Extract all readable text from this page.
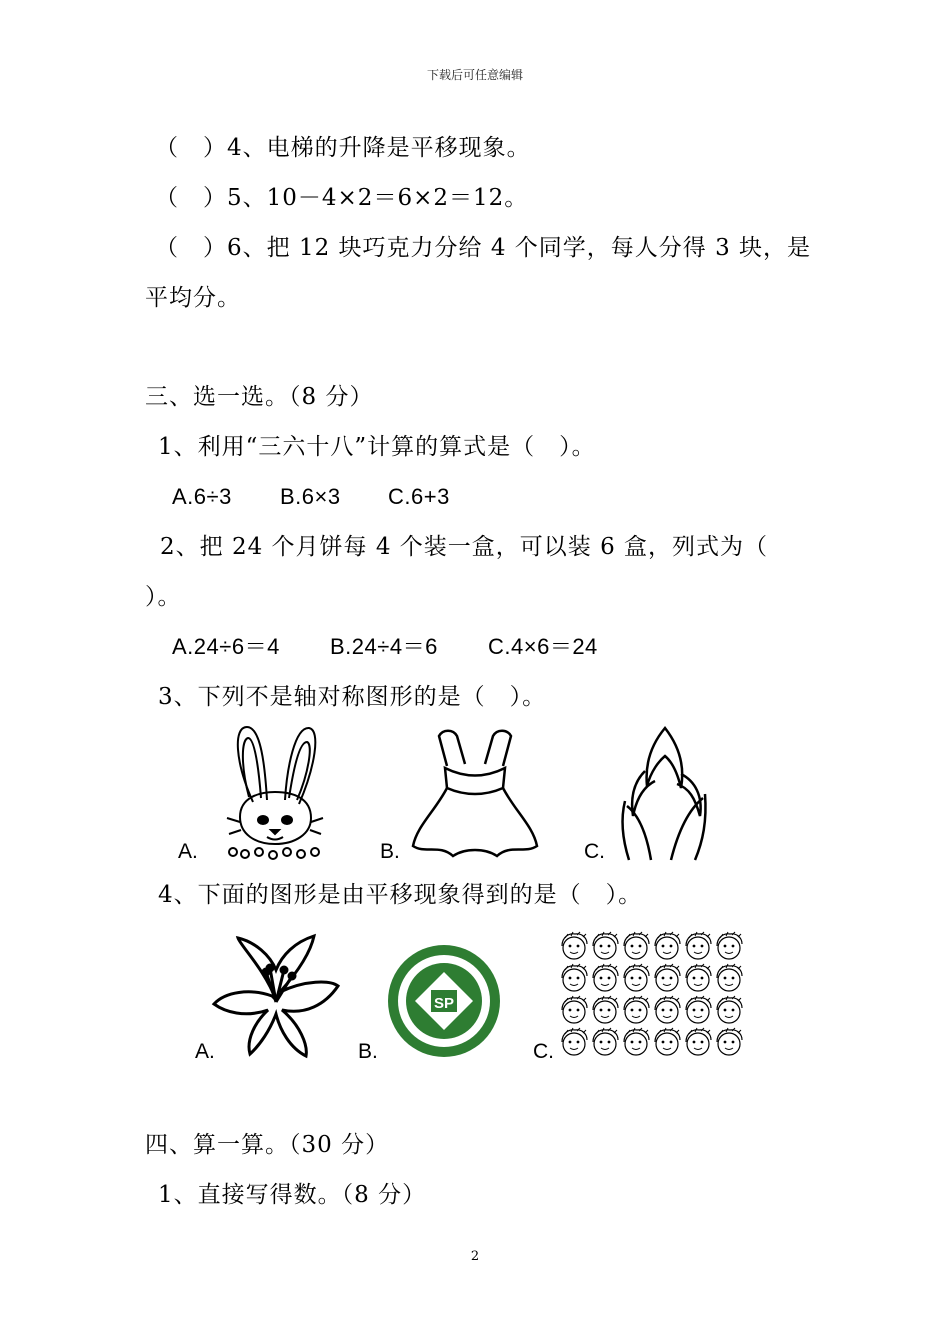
下载后可任意编辑
（　）4、电梯的升降是平移现象。
（　）5、10－4×2＝6×2＝12。
（　）6、把 12 块巧克力分给 4 个同学，每人分得 3 块，是
平均分。
三、选一选。（8 分）
1、利用“三六十八”计算的算式是（　）。
A.6÷3 B.6×3 C.6+3
2、把 24 个月饼每 4 个装一盒，可以装 6 盒，列式为（
）。
A.24÷6＝4 B.24÷4＝6 C.4×6＝24
3、下列不是轴对称图形的是（　）。
A.	B.	C.
4、下面的图形是由平移现象得到的是（　）。
A.
SP
B.	C.
四、算一算。（30 分）
1、直接写得数。（8 分）
2
